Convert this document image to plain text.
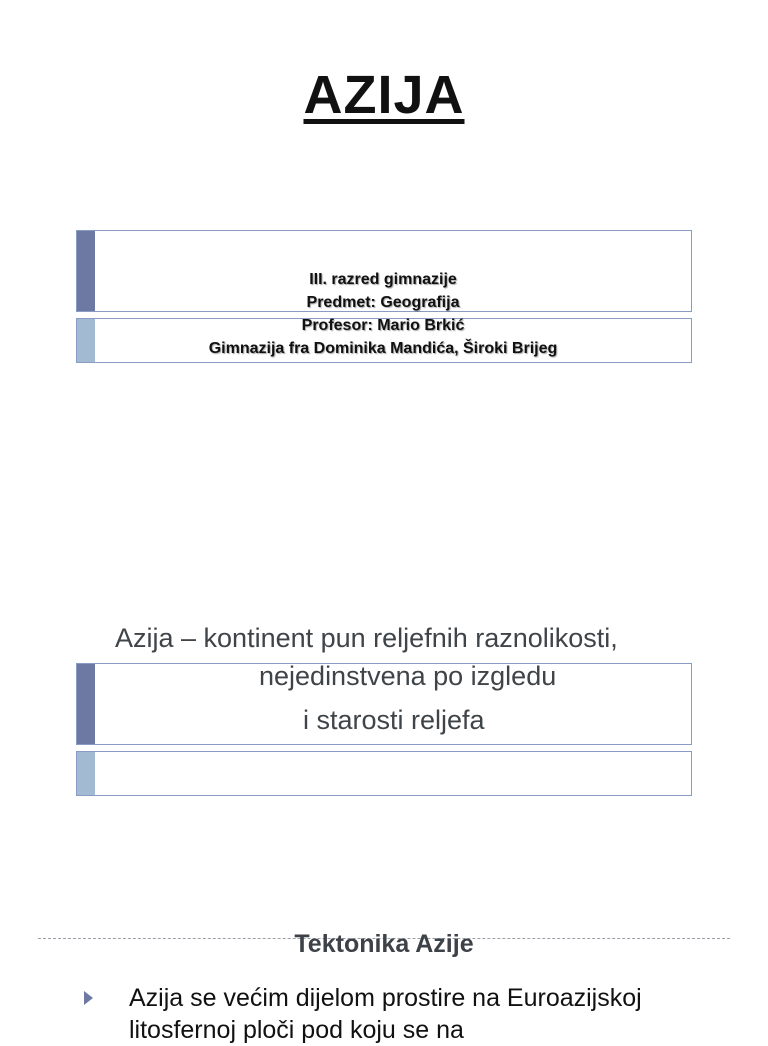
AZIJA
III. razred gimnazije
Predmet: Geografija
Profesor: Mario Brkić
Gimnazija fra Dominika Mandića, Široki Brijeg
Azija – kontinent pun reljefnih raznolikosti,
nejedinstvena po izgledu
i starosti reljefa
Tektonika Azije
Azija se većim dijelom prostire na Euroazijskoj litosfernoj ploči pod koju se na
